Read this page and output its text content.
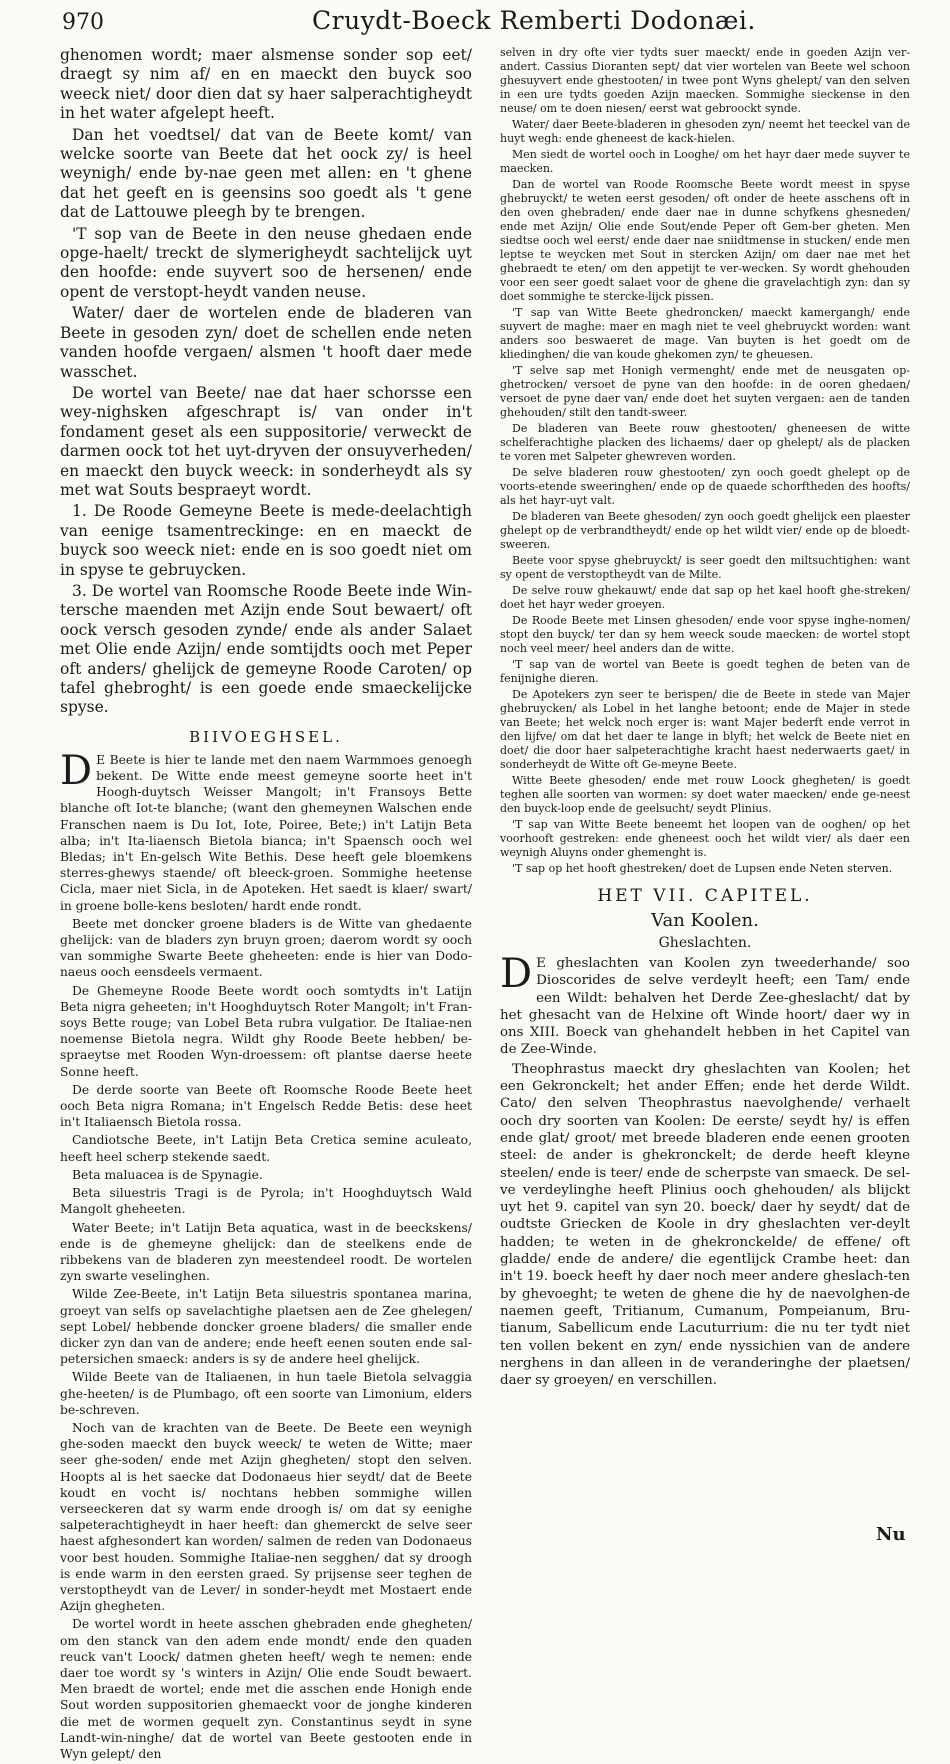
970	Cruydt-Boeck Remberti Dodonæi.

ghenomen wordt; maer alsmense sonder sop eet/ draegt sy nim af/ en en maeckt den buyck soo weeck niet/ door dien dat sy haer salperachtigheydt in het water afgelept heeft.

Dan het voedtsel/ dat van de Beete komt/ van welcke soorte van Beete dat het oock zy/ is heel weynigh/ ende by-nae geen met allen: en 't ghene dat het geeft en is geensins soo goedt als 't gene dat de Lattouwe pleegh by te brengen.

'T sop van de Beete in den neuse ghedaen ende opge-haelt/ treckt de slymerigheydt sachtelijck uyt den hoofde: ende suyvert soo de hersenen/ ende opent de verstopt-heydt vanden neuse.

Water/ daer de wortelen ende de bladeren van Beete in gesoden zyn/ doet de schellen ende neten vanden hoofde vergaen/ alsmen 't hooft daer mede wasschet.

De wortel van Beete/ nae dat haer schorsse een wey-nighsken afgeschrapt is/ van onder in't fondament geset als een suppositorie/ verweckt de darmen oock tot het uyt-dryven der onsuyverheden/ en maeckt den buyck weeck: in sonderheydt als sy met wat Souts bespraeyt wordt.

1. De Roode Gemeyne Beete is mede-deelachtigh van eenige tsamentreckinge: en en maeckt de buyck soo weeck niet: ende en is soo goedt niet om in spyse te gebruycken.

3. De wortel van Roomsche Roode Beete inde Win-tersche maenden met Azijn ende Sout bewaert/ oft oock versch gesoden zynde/ ende als ander Salaet met Olie ende Azijn/ ende somtijdts ooch met Peper oft anders/ ghelijck de gemeyne Roode Caroten/ op tafel ghebroght/ is een goede ende smaeckelijcke spyse.

BIIVOEGHSEL.

D E Beete is hier te lande met den naem Warmmoes genoegh bekent. De Witte ende meest gemeyne soorte heet in't Hoogh-duytsch Weisser Mangolt; in't Fransoys Bette blanche oft Iot-te blanche; (want den ghemeynen Walschen ende Franschen naem is Du Iot, Iote, Poiree, Bete;) in't Latijn Beta alba; in't Ita-liaensch Bietola bianca; in't Spaensch ooch wel Bledas; in't En-gelsch Wite Bethis. Dese heeft gele bloemkens sterres-ghewys staende/ oft bleeck-groen. Sommighe heetense Cicla, maer niet Sicla, in de Apoteken. Het saedt is klaer/ swart/ in groene bolle-kens besloten/ hardt ende rondt.

Beete met doncker groene bladers is de Witte van ghedaente ghelijck: van de bladers zyn bruyn groen; daerom wordt sy ooch van sommighe Swarte Beete gheheeten: ende is hier van Dodo-naeus ooch eensdeels vermaent.

De Ghemeyne Roode Beete wordt ooch somtydts in't Latijn Beta nigra geheeten; in't Hooghduytsch Roter Mangolt; in't Fran-soys Bette rouge; van Lobel Beta rubra vulgatior. De Italiae-nen noemense Bietola negra. Wildt ghy Roode Beete hebben/ be-spraeytse met Rooden Wyn-droessem: oft plantse daerse heete Sonne heeft.

De derde soorte van Beete oft Roomsche Roode Beete heet ooch Beta nigra Romana; in't Engelsch Redde Betis: dese heet in't Italiaensch Bietola rossa.

Candiotsche Beete, in't Latijn Beta Cretica semine aculeato, heeft heel scherp stekende saedt.

Beta maluacea is de Spynagie.

Beta siluestris Tragi is de Pyrola; in't Hooghduytsch Wald Mangolt gheheeten.

Water Beete; in't Latijn Beta aquatica, wast in de beeckskens/ ende is de ghemeyne ghelijck: dan de steelkens ende de ribbekens van de bladeren zyn meestendeel roodt. De wortelen zyn swarte veselinghen.

Wilde Zee-Beete, in't Latijn Beta siluestris spontanea marina, groeyt van selfs op savelachtighe plaetsen aen de Zee ghelegen/ sept Lobel/ hebbende doncker groene bladers/ die smaller ende dicker zyn dan van de andere; ende heeft eenen souten ende sal-petersichen smaeck: anders is sy de andere heel ghelijck.

Wilde Beete van de Italiaenen, in hun taele Bietola selvaggia ghe-heeten/ is de Plumbago, oft een soorte van Limonium, elders be-schreven.

Noch van de krachten van de Beete. De Beete een weynigh ghe-soden maeckt den buyck weeck/ te weten de Witte; maer seer ghe-soden/ ende met Azijn ghegheten/ stopt den selven. Hoopts al is het saecke dat Dodonaeus hier seydt/ dat de Beete koudt en vocht is/ nochtans hebben sommighe willen verseeckeren dat sy warm ende droogh is/ om dat sy eenighe salpeterachtigheydt in haer heeft: dan ghemerckt de selve seer haest afghesondert kan worden/ salmen de reden van Dodonaeus voor best houden. Sommighe Italiae-nen segghen/ dat sy droogh is ende warm in den eersten graed. Sy prijsense seer teghen de verstoptheydt van de Lever/ in sonder-heydt met Mostaert ende Azijn ghegheten.

De wortel wordt in heete asschen ghebraden ende ghegheten/ om den stanck van den adem ende mondt/ ende den quaden reuck van't Loock/ datmen gheten heeft/ wegh te nemen: ende daer toe wordt sy 's winters in Azijn/ Olie ende Soudt bewaert. Men braedt de wortel; ende met die asschen ende Honigh ende Sout worden suppositorien ghemaeckt voor de jonghe kinderen die met de wormen gequelt zyn. Constantinus seydt in syne Landt-win-ninghe/ dat de wortel van Beete gestooten ende in Wyn gelept/ den

selven in dry ofte vier tydts suer maeckt/ ende in goeden Azijn ver-andert. Cassius Dioranten sept/ dat vier wortelen van Beete wel schoon ghesuyvert ende ghestooten/ in twee pont Wyns ghelept/ van den selven in een ure tydts goeden Azijn maecken. Sommighe sieckense in den neuse/ om te doen niesen/ eerst wat gebroockt synde.

Water/ daer Beete-bladeren in ghesoden zyn/ neemt het teeckel van de huyt wegh: ende gheneest de kack-hielen.

Men siedt de wortel ooch in Looghe/ om het hayr daer mede suyver te maecken.

Dan de wortel van Roode Roomsche Beete wordt meest in spyse ghebruyckt/ te weten eerst gesoden/ oft onder de heete asschens oft in den oven ghebraden/ ende daer nae in dunne schyfkens ghesneden/ ende met Azijn/ Olie ende Sout/ende Peper oft Gem-ber gheten. Men siedtse ooch wel eerst/ ende daer nae sniidtmense in stucken/ ende men leptse te weycken met Sout in stercken Azijn/ om daer nae met het ghebraedt te eten/ om den appetijt te ver-wecken. Sy wordt ghehouden voor een seer goedt salaet voor de ghene die gravelachtigh zyn: dan sy doet sommighe te stercke-lijck pissen.

'T sap van Witte Beete ghedroncken/ maeckt kamergangh/ ende suyvert de maghe: maer en magh niet te veel ghebruyckt worden: want anders soo beswaeret de mage. Van buyten is het goedt om de kliedinghen/ die van koude ghekomen zyn/ te gheuesen.

'T selve sap met Honigh vermenght/ ende met de neusgaten op-ghetrocken/ versoet de pyne van den hoofde: in de ooren ghedaen/ versoet de pyne daer van/ ende doet het suyten vergaen: aen de tanden ghehouden/ stilt den tandt-sweer.

De bladeren van Beete rouw ghestooten/ gheneesen de witte schelferachtighe placken des lichaems/ daer op ghelept/ als de placken te voren met Salpeter ghewreven worden.

De selve bladeren rouw ghestooten/ zyn ooch goedt ghelept op de voorts-etende sweeringhen/ ende op de quaede schorftheden des hoofts/ als het hayr-uyt valt.

De bladeren van Beete ghesoden/ zyn ooch goedt ghelijck een plaester ghelept op de verbrandtheydt/ ende op het wildt vier/ ende op de bloedt-sweeren.

Beete voor spyse ghebruyckt/ is seer goedt den miltsuchtighen: want sy opent de verstoptheydt van de Milte.

De selve rouw ghekauwt/ ende dat sap op het kael hooft ghe-streken/ doet het hayr weder groeyen.

De Roode Beete met Linsen ghesoden/ ende voor spyse inghe-nomen/ stopt den buyck/ ter dan sy hem weeck soude maecken: de wortel stopt noch veel meer/ heel anders dan de witte.

'T sap van de wortel van Beete is goedt teghen de beten van de fenijnighe dieren.

De Apotekers zyn seer te berispen/ die de Beete in stede van Majer ghebruycken/ als Lobel in het langhe betoont; ende de Majer in stede van Beete; het welck noch erger is: want Majer bederft ende verrot in den lijfve/ om dat het daer te lange in blyft; het welck de Beete niet en doet/ die door haer salpeterachtighe kracht haest nederwaerts gaet/ in sonderheydt de Witte oft Ge-meyne Beete.

Witte Beete ghesoden/ ende met rouw Loock ghegheten/ is goedt teghen alle soorten van wormen: sy doet water maecken/ ende ge-neest den buyck-loop ende de geelsucht/ seydt Plinius.

'T sap van Witte Beete beneemt het loopen van de ooghen/ op het voorhooft gestreken: ende gheneest ooch het wildt vier/ als daer een weynigh Aluyns onder ghemenght is.

'T sap op het hooft ghestreken/ doet de Lupsen ende Neten sterven.

HET VII. CAPITEL.
Van Koolen.
Gheslachten.

D E gheslachten van Koolen zyn tweederhande/ soo Dioscorides de selve verdeylt heeft; een Tam/ ende een Wildt: behalven het Derde Zee-gheslacht/ dat by het ghesacht van de Helxine oft Winde hoort/ daer wy in ons XIII. Boeck van ghehandelt hebben in het Capitel van de Zee-Winde.

Theophrastus maeckt dry gheslachten van Koolen; het een Gekronckelt; het ander Effen; ende het derde Wildt. Cato/ den selven Theophrastus naevolghende/ verhaelt ooch dry soorten van Koolen: De eerste/ seydt hy/ is effen ende glat/ groot/ met breede bladeren ende eenen grooten steel: de ander is ghekronckelt; de derde heeft kleyne steelen/ ende is teer/ ende de scherpste van smaeck. De sel-ve verdeylinghe heeft Plinius ooch ghehouden/ als blijckt uyt het 9. capitel van syn 20. boeck/ daer hy seydt/ dat de oudtste Griecken de Koole in dry gheslachten ver-deylt hadden; te weten in de ghekronckelde/ de effene/ oft gladde/ ende de andere/ die egentlijck Crambe heet: dan in't 19. boeck heeft hy daer noch meer andere gheslach-ten by ghevoeght; te weten de ghene die hy de naevolghen-de naemen geeft, Tritianum, Cumanum, Pompeianum, Bru-tianum, Sabellicum ende Lacuturrium: die nu ter tydt niet ten vollen bekent en zyn/ ende nyssichien van de andere nerghens in dan alleen in de veranderinghe der plaetsen/ daer sy groeyen/ en verschillen.

Nu
